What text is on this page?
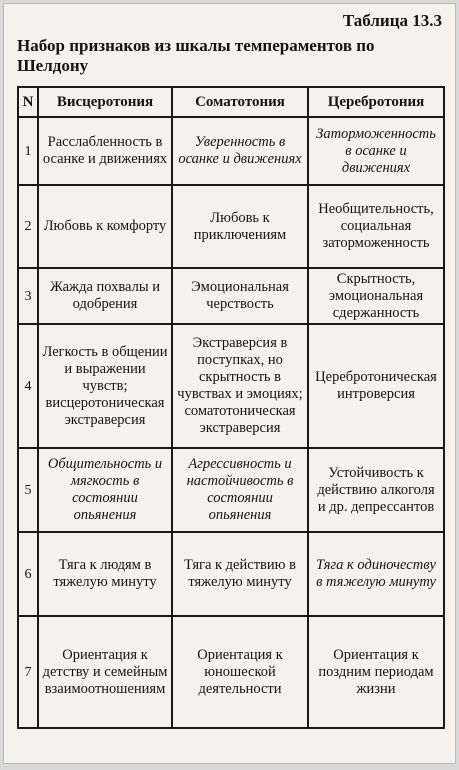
Таблица 13.3
Набор признаков из шкалы темпераментов по Шелдону
N	Висцеротония	Соматотония	Церебротония
1	Расслабленность в осанке и движениях	Уверенность в осанке и движениях	Заторможенность в осанке и движениях
2	Любовь к комфорту	Любовь к приключениям	Необщительность, социальная заторможенность
3	Жажда похвалы и одобрения	Эмоциональная черствость	Скрытность, эмоциональная сдержанность
4	Легкость в общении и выражении чувств; висцеротоническая экстраверсия	Экстраверсия в поступках, но скрытность в чувствах и эмоциях; соматотоническая экстраверсия	Церебротоническая интроверсия
5	Общительность и мягкость в состоянии опьянения	Агрессивность и настойчивость в состоянии опьянения	Устойчивость к действию алкоголя и др. депрессантов
6	Тяга к людям в тяжелую минуту	Тяга к действию в тяжелую минуту	Тяга к одиночеству в тяжелую минуту
7	Ориентация к детству и семейным взаимоотношениям	Ориентация к юношеской деятельности	Ориентация к поздним периодам жизни
